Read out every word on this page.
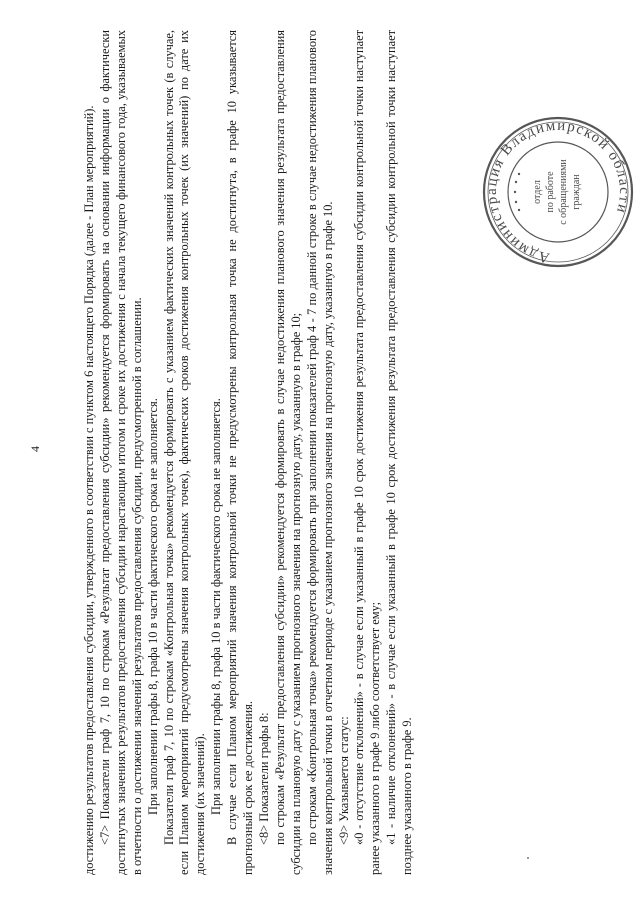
4	достижению результатов предоставления субсидии, утвержденного в соответствии с пунктом 6 настоящего Порядка (далее - План мероприятий). <7> Показатели граф 7, 10 по строкам «Результат предоставления субсидии» рекомендуется формировать на основании информации о фактически достигнутых значениях результатов предоставления субсидии нарастающим итогом и сроке их достижения с начала текущего финансового года, указываемых в отчетности о достижении значений результатов предоставления субсидии, предусмотренной в соглашении. При заполнении графы 8, графа 10 в части фактического срока не заполняется. Показатели граф 7, 10 по строкам «Контрольная точка» рекомендуется формировать с указанием фактических значений контрольных точек (в случае, если Планом мероприятий предусмотрены значения контрольных точек), фактических сроков достижения контрольных точек (их значений) по дате их достижения (их значений). При заполнении графы 8, графа 10 в части фактического срока не заполняется. В случае если Планом мероприятий значения контрольной точки не предусмотрены контрольная точка не достигнута, в графе 10 указывается прогнозный срок ее достижения. <8> Показатели графы 8: по строкам «Результат предоставления субсидии» рекомендуется формировать в случае недостижения планового значения результата предоставления субсидии на плановую дату с указанием прогнозного значения на прогнозную дату, указанную в графе 10; по строкам «Контрольная точка» рекомендуется формировать при заполнении показателей граф 4 - 7 по данной строке в случае недостижения планового значения контрольной точки в отчетном периоде с указанием прогнозного значения на прогнозную дату, указанную в графе 10. <9> Указывается статус: «0 - отсутствие отклонений» - в случае если указанный в графе 10 срок достижения результата предоставления субсидии контрольной точки наступает ранее указанного в графе 9 либо соответствует ему; «1 - наличие отклонений» - в случае если указанный в графе 10 срок достижения результата предоставления субсидии контрольной точки наступает позднее указанного в графе 9.

Администрация Владимирской области
отдел по работе с обращениями граждан
